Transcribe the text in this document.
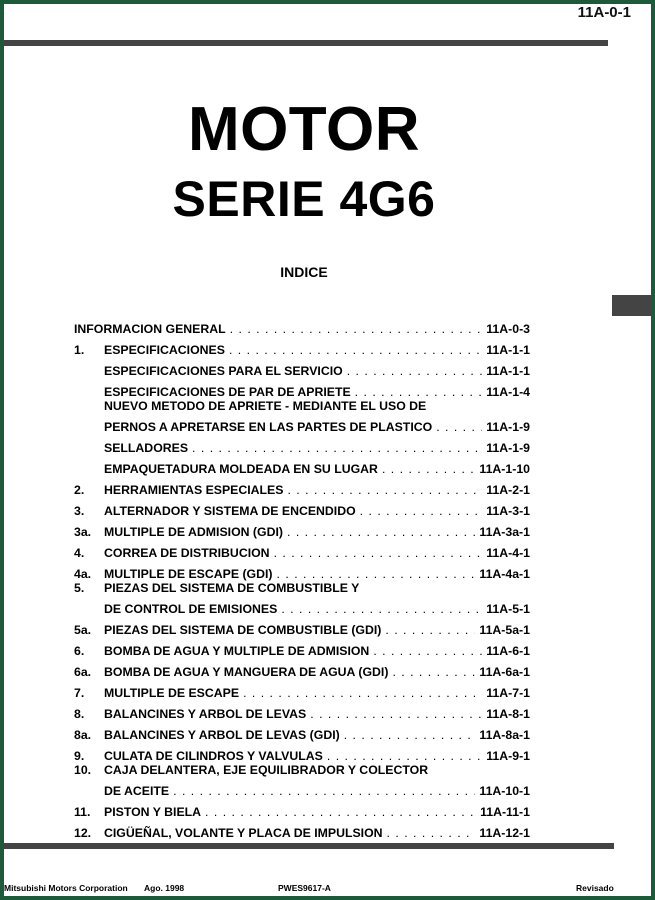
11A-0-1
MOTOR
SERIE 4G6
INDICE
INFORMACION GENERAL . . .	11A-0-3
1.	ESPECIFICACIONES . . .	11A-1-1
ESPECIFICACIONES PARA EL SERVICIO . . .	11A-1-1
ESPECIFICACIONES DE PAR DE APRIETE . . .	11A-1-4
NUEVO METODO DE APRIETE - MEDIANTE EL USO DE
PERNOS A APRETARSE EN LAS PARTES DE PLASTICO . . .	11A-1-9
SELLADORES . . .	11A-1-9
EMPAQUETADURA MOLDEADA EN SU LUGAR . . .	11A-1-10
2.	HERRAMIENTAS ESPECIALES . . .	11A-2-1
3.	ALTERNADOR Y SISTEMA DE ENCENDIDO . . .	11A-3-1
3a.	MULTIPLE DE ADMISION (GDI) . . .	11A-3a-1
4.	CORREA DE DISTRIBUCION . . .	11A-4-1
4a.	MULTIPLE DE ESCAPE (GDI) . . .	11A-4a-1
5.	PIEZAS DEL SISTEMA DE COMBUSTIBLE Y
DE CONTROL DE EMISIONES . . .	11A-5-1
5a.	PIEZAS DEL SISTEMA DE COMBUSTIBLE (GDI) . . .	11A-5a-1
6.	BOMBA DE AGUA Y MULTIPLE DE ADMISION . . .	11A-6-1
6a.	BOMBA DE AGUA Y MANGUERA DE AGUA (GDI) . . .	11A-6a-1
7.	MULTIPLE DE ESCAPE . . .	11A-7-1
8.	BALANCINES Y ARBOL DE LEVAS . . .	11A-8-1
8a.	BALANCINES Y ARBOL DE LEVAS (GDI) . . .	11A-8a-1
9.	CULATA DE CILINDROS Y VALVULAS . . .	11A-9-1
10.	CAJA DELANTERA, EJE EQUILIBRADOR Y COLECTOR
DE ACEITE . . .	11A-10-1
11.	PISTON Y BIELA . . .	11A-11-1
12.	CIGÜEÑAL, VOLANTE Y PLACA DE IMPULSION . . .	11A-12-1
Mitsubishi Motors Corporation Ago. 1998	PWES9617-A	Revisado
